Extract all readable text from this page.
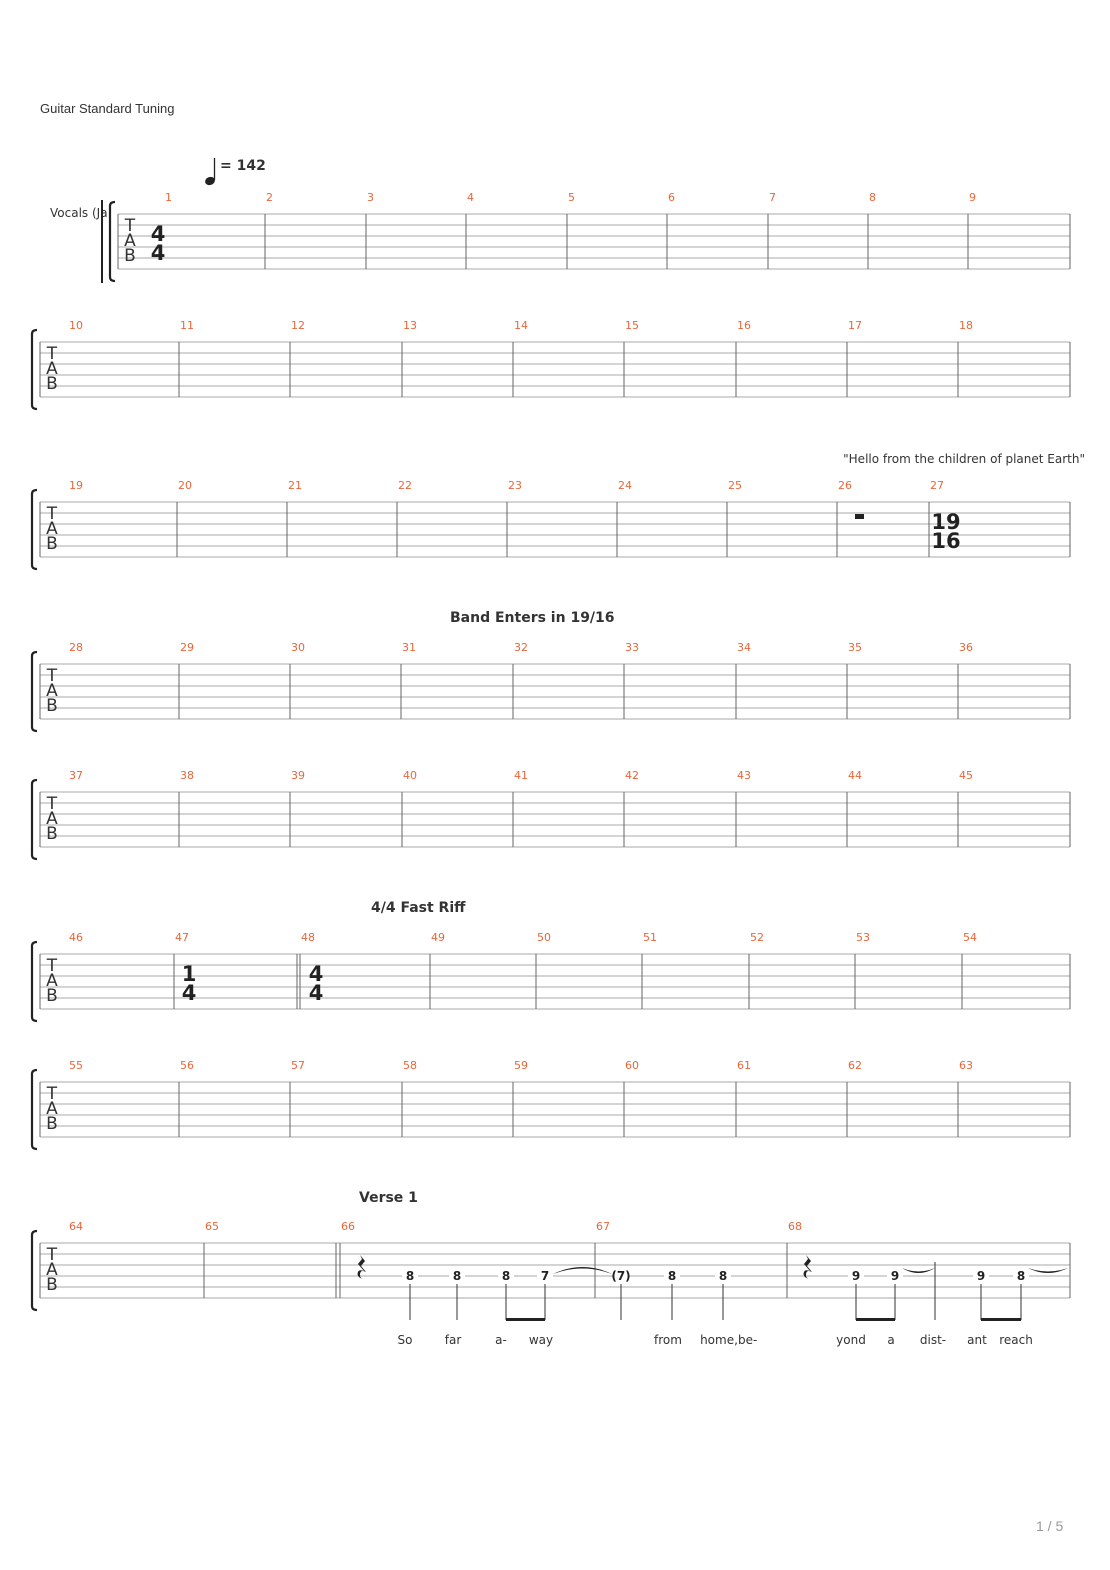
Guitar Standard Tuning
= 142
Vocals (Ja
T
A
B
1	2	3	4	5	6	7	8	9
T
A
B
10	11	12	13	14	15	16	17	18
T
A
B
19	20	21	22	23	24	25	26	27
T
A
B
28	29	30	31	32	33	34	35	36
T
A
B
37	38	39	40	41	42	43	44	45
T
A
B
46	47	48	49	50	51	52	53	54
T
A
B
55	56	57	58	59	60	61	62	63
T
A
B
64	65	66	67	68
4
4
19
16
1
4
4
4
"Hello from the children of planet Earth"
Band Enters in 19/16
4/4 Fast Riff
Verse 1
8
So
8
far
8
a-
7
way
(7)	8
from
8
home, be-
9
yond
9
a dist-
9
ant
8
reach
1 / 5
